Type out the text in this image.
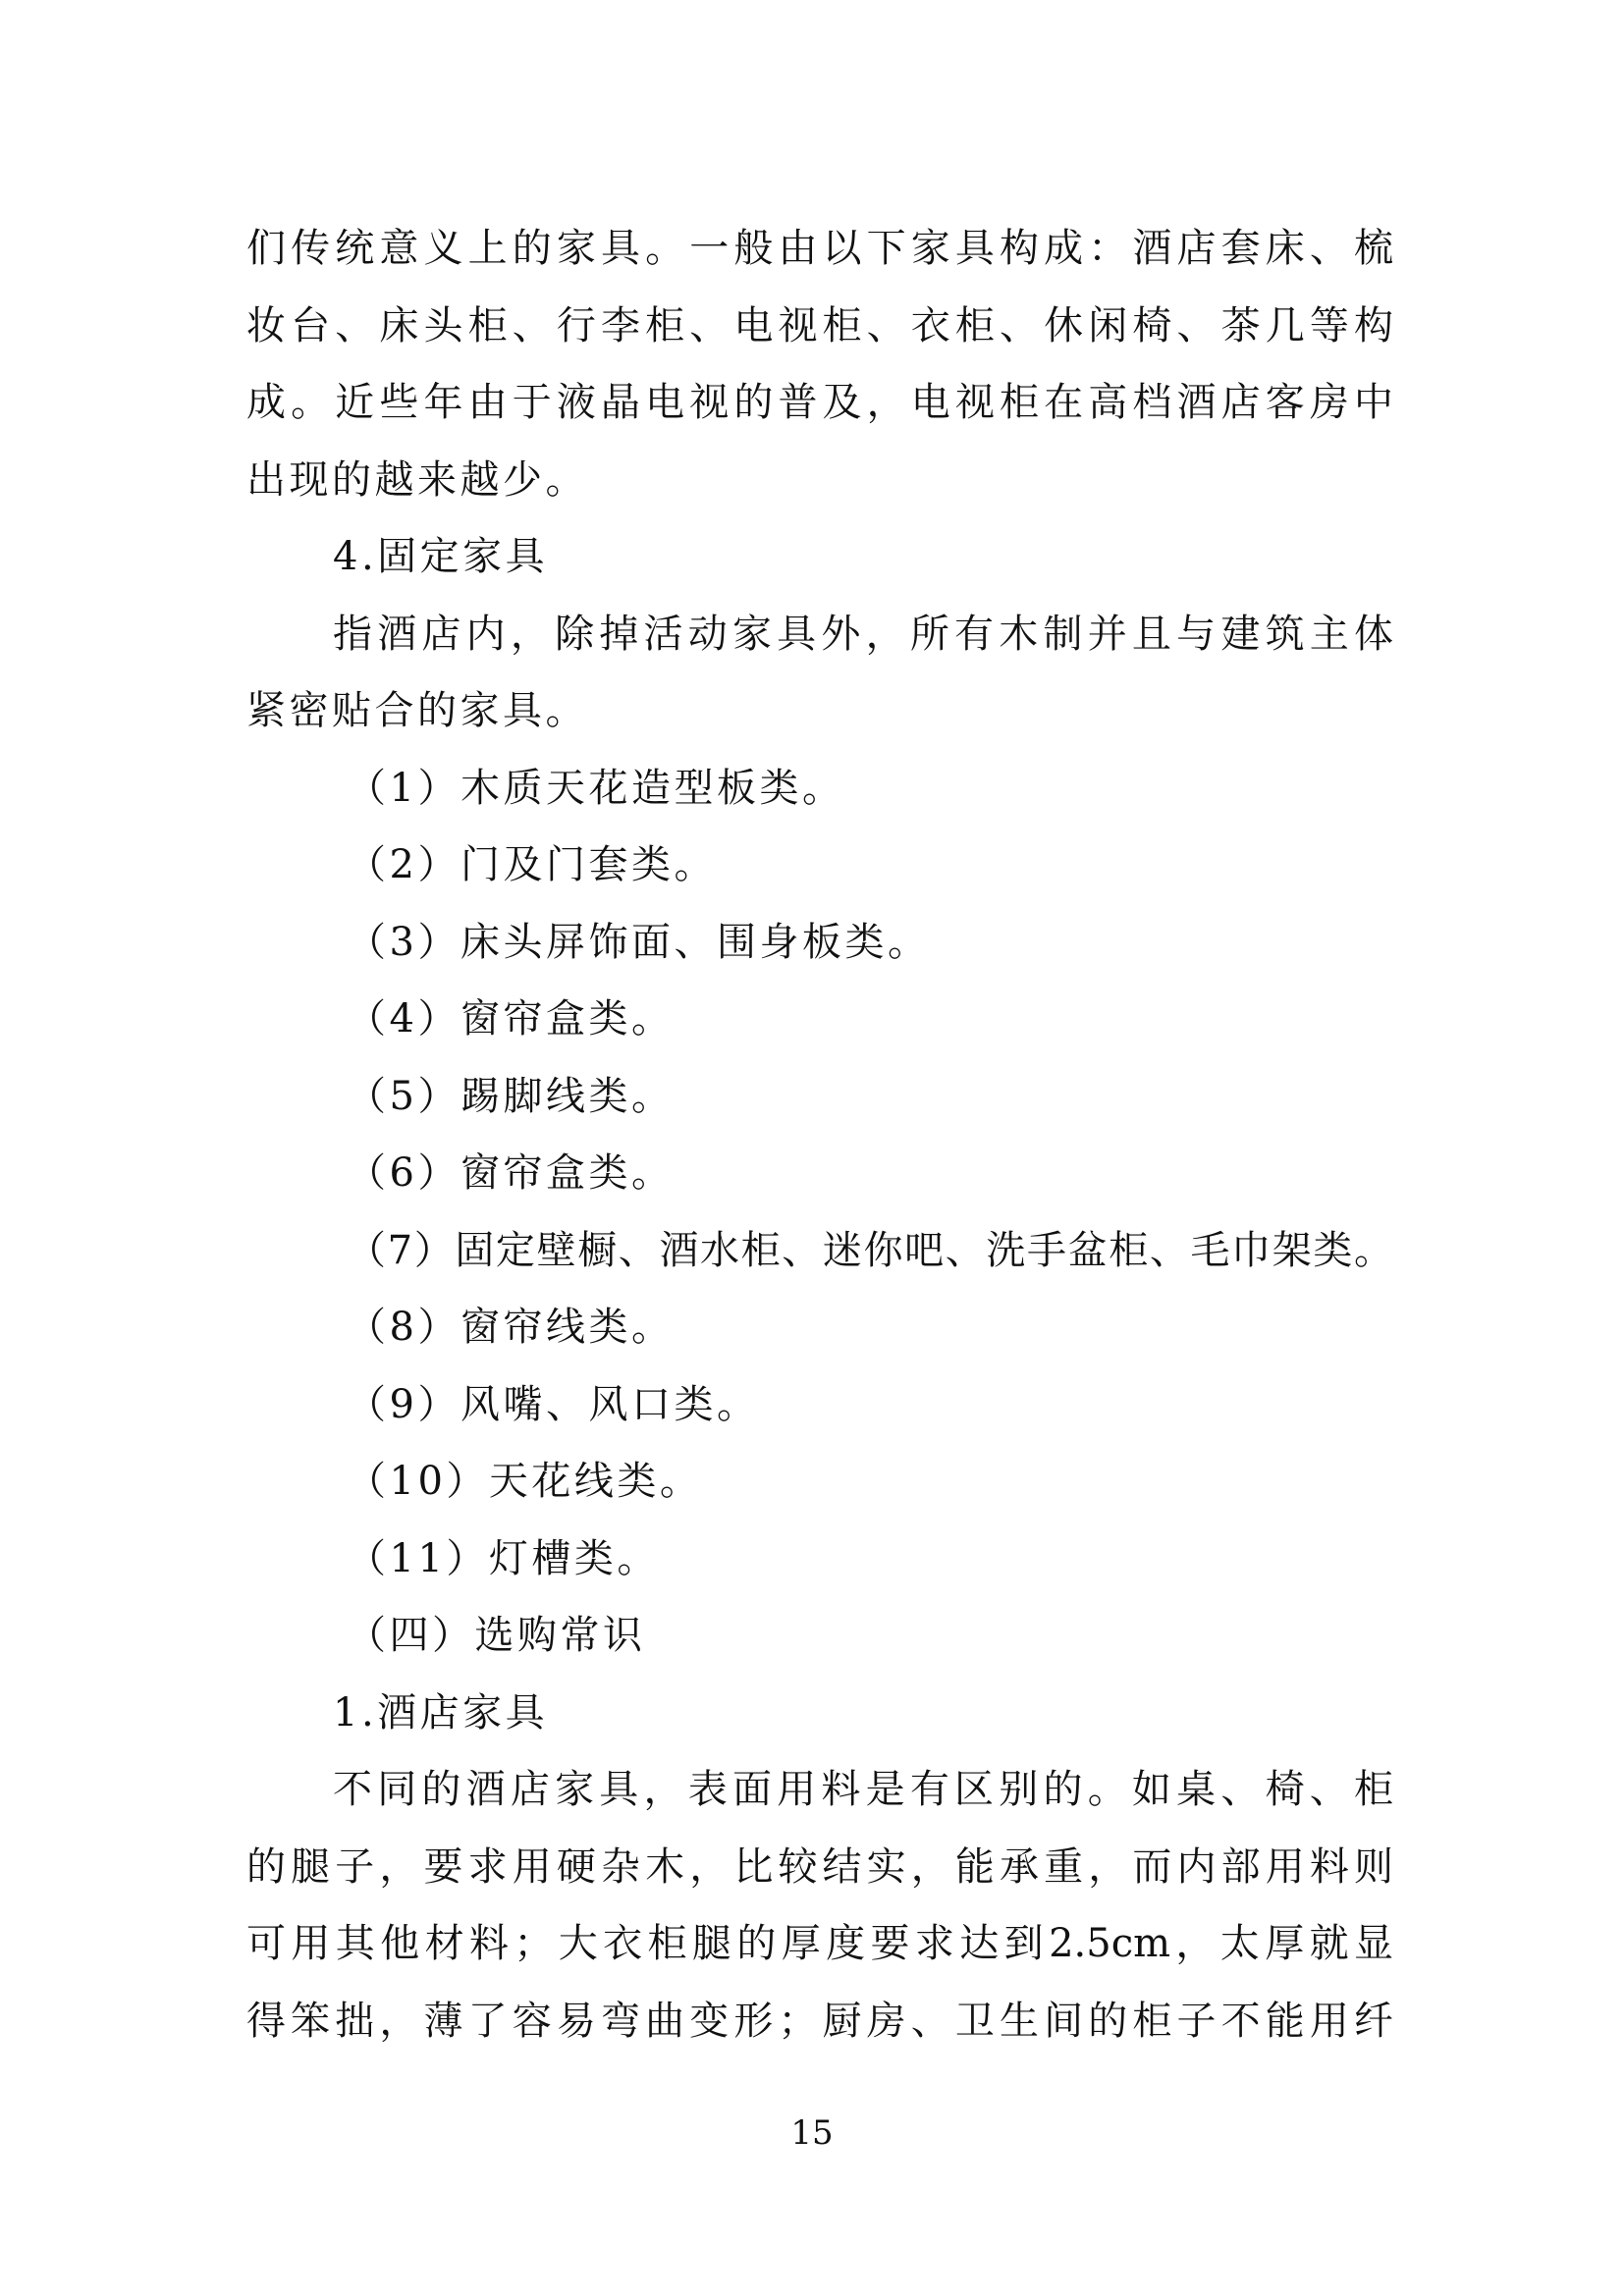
们传统意义上的家具。一般由以下家具构成：酒店套床、梳
妆台、床头柜、行李柜、电视柜、衣柜、休闲椅、茶几等构
成。近些年由于液晶电视的普及，电视柜在高档酒店客房中
出现的越来越少。
4.固定家具
指酒店内，除掉活动家具外，所有木制并且与建筑主体
紧密贴合的家具。
（1）木质天花造型板类。
（2）门及门套类。
（3）床头屏饰面、围身板类。
（4）窗帘盒类。
（5）踢脚线类。
（6）窗帘盒类。
（7）固定壁橱、酒水柜、迷你吧、洗手盆柜、毛巾架类。
（8）窗帘线类。
（9）风嘴、风口类。
（10）天花线类。
（11）灯槽类。
（四）选购常识
1.酒店家具
不同的酒店家具，表面用料是有区别的。如桌、椅、柜
的腿子，要求用硬杂木，比较结实，能承重，而内部用料则
可用其他材料；大衣柜腿的厚度要求达到2.5cm，太厚就显
得笨拙，薄了容易弯曲变形；厨房、卫生间的柜子不能用纤
15
